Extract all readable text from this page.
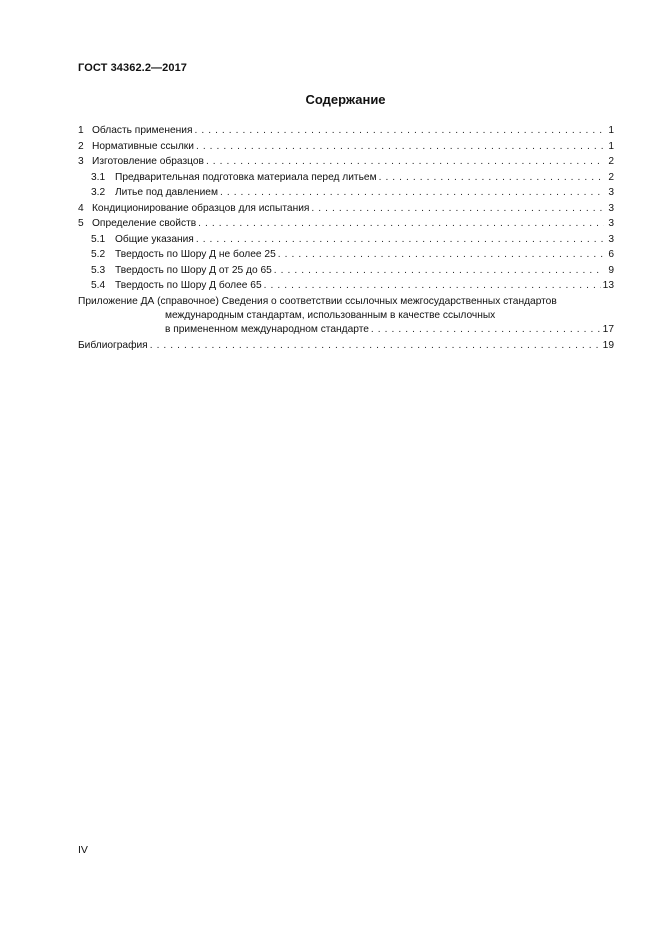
ГОСТ 34362.2—2017
Содержание
1 Область применения . . .	1
2 Нормативные ссылки . . .	1
3 Изготовление образцов . . .	2
3.1 Предварительная подготовка материала перед литьем . . .	2
3.2 Литье под давлением . . .	3
4 Кондиционирование образцов для испытания . . .	3
5 Определение свойств . . .	3
5.1 Общие указания . . .	3
5.2 Твердость по Шору Д не более 25 . . .	6
5.3 Твердость по Шору Д от 25 до 65 . . .	9
5.4 Твердость по Шору Д более 65 . . .	13
Приложение ДА (справочное) Сведения о соответствии ссылочных межгосударственных стандартов
международным стандартам, использованным в качестве ссылочных
в примененном международном стандарте . . .	17
Библиография . . .	19
IV
